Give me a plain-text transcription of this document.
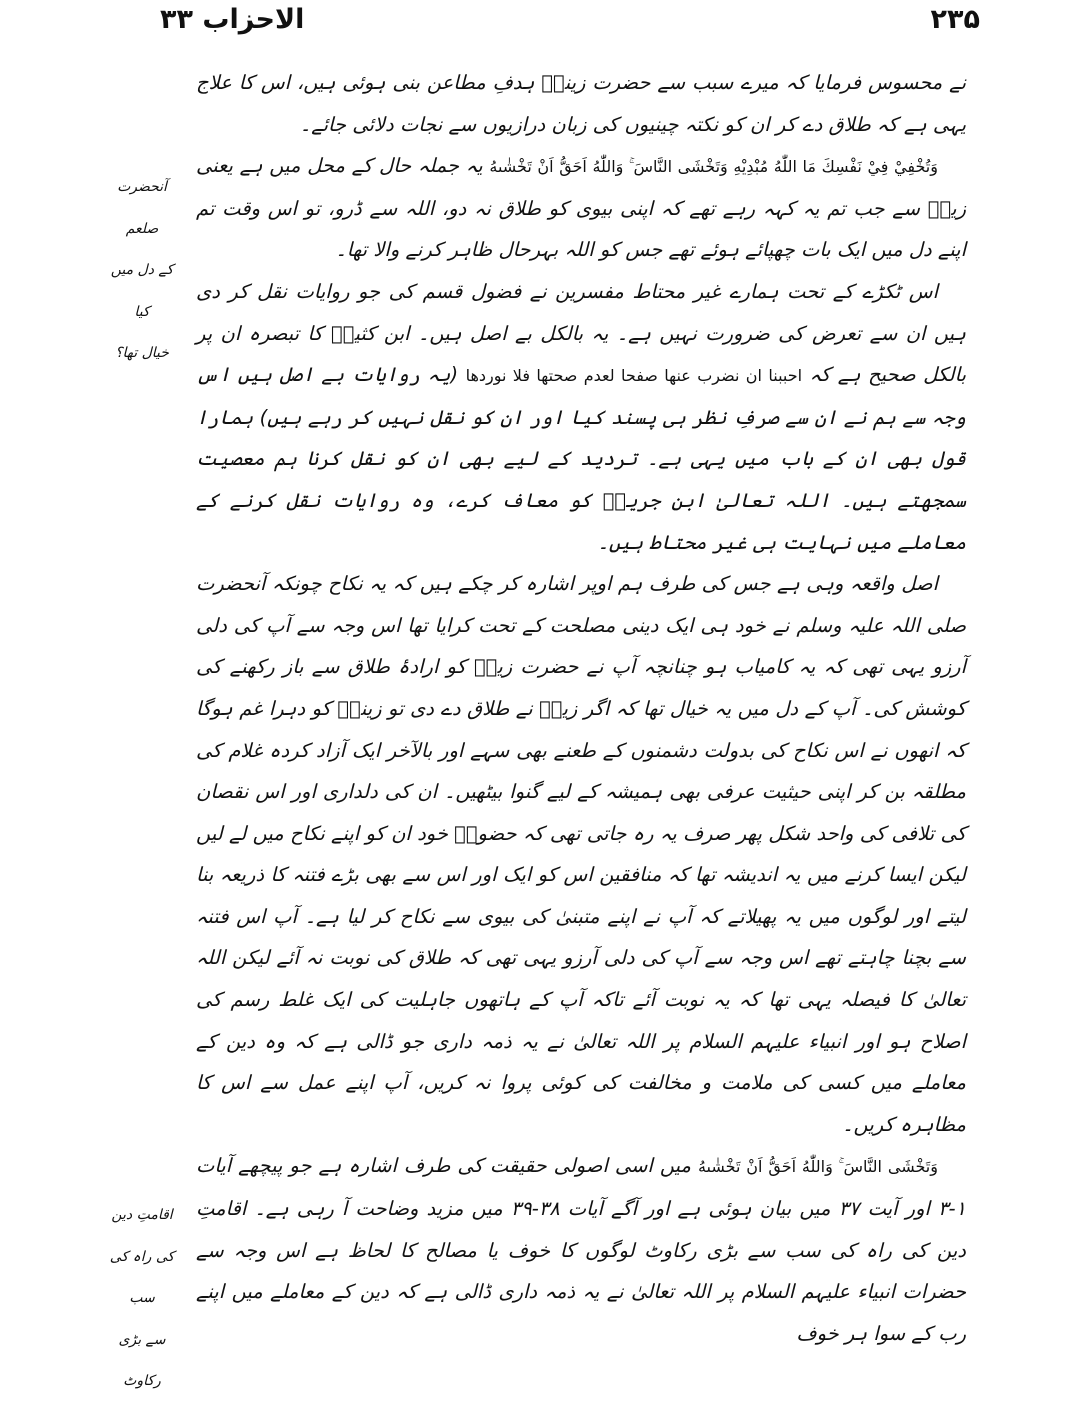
۲۳۵
الاحزاب ۳۳

نے محسوس فرمایا کہ میرے سبب سے حضرت زینبؓ ہدفِ مطاعن بنی ہوئی ہیں، اس کا علاج یہی ہے کہ طلاق دے کر ان کو نکتہ چینیوں کی زبان درازیوں سے نجات دلائی جائے۔

وَتُخْفِيْ فِيْ نَفْسِكَ مَا اللّٰهُ مُبْدِيْهِ وَتَخْشَى النَّاسَ ۚ وَاللّٰهُ اَحَقُّ اَنْ تَخْشٰىهُ یہ جملہ حال کے محل میں ہے یعنی زیدؓ سے جب تم یہ کہہ رہے تھے کہ اپنی بیوی کو طلاق نہ دو، اللہ سے ڈرو، تو اس وقت تم اپنے دل میں ایک بات چھپائے ہوئے تھے جس کو اللہ بہرحال ظاہر کرنے والا تھا۔

اس ٹکڑے کے تحت ہمارے غیر محتاط مفسرین نے فضول قسم کی جو روایات نقل کر دی ہیں ان سے تعرض کی ضرورت نہیں ہے۔ یہ بالکل بے اصل ہیں۔ ابن کثیرؒ کا تبصرہ ان پر بالکل صحیح ہے کہ احببنا ان نضرب عنها صفحا لعدم صحتها فلا نوردها (یہ روایات بے اصل ہیں اس وجہ سے ہم نے ان سے صرفِ نظر ہی پسند کیا اور ان کو نقل نہیں کر رہے ہیں) ہمارا قول بھی ان کے باب میں یہی ہے۔ تردید کے لیے بھی ان کو نقل کرنا ہم معصیت سمجھتے ہیں۔ اللہ تعالیٰ ابن جریرؒ کو معاف کرے، وہ روایات نقل کرنے کے معاملے میں نہایت ہی غیر محتاط ہیں۔

اصل واقعہ وہی ہے جس کی طرف ہم اوپر اشارہ کر چکے ہیں کہ یہ نکاح چونکہ آنحضرت صلی اللہ علیہ وسلم نے خود ہی ایک دینی مصلحت کے تحت کرایا تھا اس وجہ سے آپ کی دلی آرزو یہی تھی کہ یہ کامیاب ہو چنانچہ آپ نے حضرت زیدؓ کو ارادۂ طلاق سے باز رکھنے کی کوشش کی۔ آپ کے دل میں یہ خیال تھا کہ اگر زیدؓ نے طلاق دے دی تو زینبؓ کو دہرا غم ہوگا کہ انھوں نے اس نکاح کی بدولت دشمنوں کے طعنے بھی سہے اور بالآخر ایک آزاد کردہ غلام کی مطلقہ بن کر اپنی حیثیت عرفی بھی ہمیشہ کے لیے گنوا بیٹھیں۔ ان کی دلداری اور اس نقصان کی تلافی کی واحد شکل پھر صرف یہ رہ جاتی تھی کہ حضورؐ خود ان کو اپنے نکاح میں لے لیں لیکن ایسا کرنے میں یہ اندیشہ تھا کہ منافقین اس کو ایک اور اس سے بھی بڑے فتنہ کا ذریعہ بنا لیتے اور لوگوں میں یہ پھیلاتے کہ آپ نے اپنے متبنیٰ کی بیوی سے نکاح کر لیا ہے۔ آپ اس فتنہ سے بچنا چاہتے تھے اس وجہ سے آپ کی دلی آرزو یہی تھی کہ طلاق کی نوبت نہ آئے لیکن اللہ تعالیٰ کا فیصلہ یہی تھا کہ یہ نوبت آئے تاکہ آپ کے ہاتھوں جاہلیت کی ایک غلط رسم کی اصلاح ہو اور انبیاء علیہم السلام پر اللہ تعالیٰ نے یہ ذمہ داری جو ڈالی ہے کہ وہ دین کے معاملے میں کسی کی ملامت و مخالفت کی کوئی پروا نہ کریں، آپ اپنے عمل سے اس کا مظاہرہ کریں۔

وَتَخْشَى النَّاسَ ۚ وَاللّٰهُ اَحَقُّ اَنْ تَخْشٰىهُ میں اسی اصولی حقیقت کی طرف اشارہ ہے جو پیچھے آیات ۱-۳ اور آیت ۳۷ میں بیان ہوئی ہے اور آگے آیات ۳۸-۳۹ میں مزید وضاحت آ رہی ہے۔ اقامتِ دین کی راہ کی سب سے بڑی رکاوٹ لوگوں کا خوف یا مصالح کا لحاظ ہے اس وجہ سے حضرات انبیاء علیہم السلام پر اللہ تعالیٰ نے یہ ذمہ داری ڈالی ہے کہ دین کے معاملے میں اپنے رب کے سوا ہر خوف

آنحضرت صلعم
کے دل میں کیا
خیال تھا؟
اقامتِ دین
کی راہ کی سب
سے بڑی رکاوٹ
